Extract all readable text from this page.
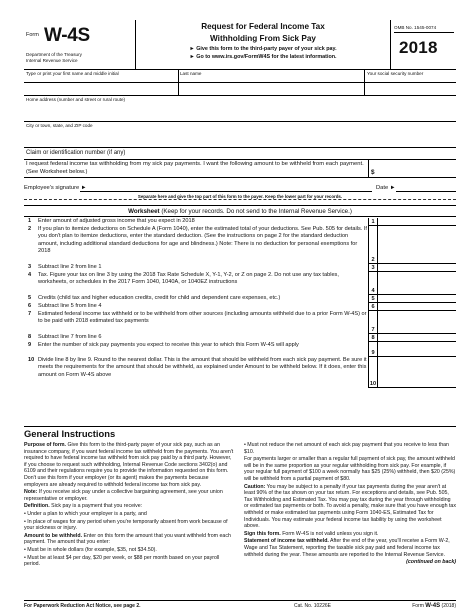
Form W-4S
Department of the Treasury
Internal Revenue Service
Request for Federal Income Tax
Withholding From Sick Pay
► Give this form to the third-party payer of your sick pay.
► Go to www.irs.gov/FormW4S for the latest information.
OMB No. 1545-0074
2018
Type or print your first name and middle initial	Last name	Your social security number
Home address (number and street or rural route)
City or town, state, and ZIP code
Claim or identification number (if any)
I request federal income tax withholding from my sick pay payments. I want the following amount to be withheld from each payment. (See Worksheet below.)	$
Employee's signature ►	Date ►
Separate here and give the top part of this form to the payer. Keep the lower part for your records.
Worksheet (Keep for your records. Do not send to the Internal Revenue Service.)
1 Enter amount of adjusted gross income that you expect in 2018	1
2 If you plan to itemize deductions on Schedule A (Form 1040), enter the estimated total of your deductions. See Pub. 505 for details. If you don't plan to itemize deductions, enter the standard deduction. (See the instructions on page 2 for the standard deduction amount, including additional standard deductions for age and blindness.) Note: There is no deduction for personal exemptions for 2018
2
3 Subtract line 2 from line 1	3
4 Tax. Figure your tax on line 3 by using the 2018 Tax Rate Schedule X, Y-1, Y-2, or Z on page 2. Do not use any tax tables, worksheets, or schedules in the 2017 Form 1040, 1040A, or 1040EZ instructions
4
5 Credits (child tax and higher education credits, credit for child and dependent care expenses, etc.)	5
6 Subtract line 5 from line 4	6
7 Estimated federal income tax withheld or to be withheld from other sources (including amounts withheld due to a prior Form W-4S) or to be paid with 2018 estimated tax payments
7
8 Subtract line 7 from line 6	8
9 Enter the number of sick pay payments you expect to receive this year to which this Form W-4S will apply
9
10 Divide line 8 by line 9. Round to the nearest dollar. This is the amount that should be withheld from each sick pay payment. Be sure it meets the requirements for the amount that should be withheld, as explained under Amount to be withheld below. If it does, enter this amount on Form W-4S above
10
General Instructions

Purpose of form. Give this form to the third-party payer of your sick pay, such as an insurance company, if you want federal income tax withheld from the payments. You aren't required to have federal income tax withheld from sick pay paid by a third party. However, if you choose to request such withholding, Internal Revenue Code sections 3402(o) and 6109 and their regulations require you to provide the information requested on this form. Don't use this form if your employer (or its agent) makes the payments because employers are already required to withhold federal income tax from sick pay.

Note: If you receive sick pay under a collective bargaining agreement, see your union representative or employer.

Definition. Sick pay is a payment that you receive:

• Under a plan to which your employer is a party, and

• In place of wages for any period when you're temporarily absent from work because of your sickness or injury.

Amount to be withheld. Enter on this form the amount that you want withheld from each payment. The amount that you enter:

• Must be in whole dollars (for example, $35, not $34.50).

• Must be at least $4 per day, $20 per week, or $88 per month based on your payroll period.

• Must not reduce the net amount of each sick pay payment that you receive to less than $10.

For payments larger or smaller than a regular full payment of sick pay, the amount withheld will be in the same proportion as your regular withholding from sick pay. For example, if your regular full payment of $100 a week normally has $25 (25%) withheld, then $20 (25%) will be withheld from a partial payment of $80.

Caution: You may be subject to a penalty if your tax payments during the year aren't at least 90% of the tax shown on your tax return. For exceptions and details, see Pub. 505, Tax Withholding and Estimated Tax. You may pay tax during the year through withholding or estimated tax payments or both. To avoid a penalty, make sure that you have enough tax withheld or make estimated tax payments using Form 1040-ES, Estimated Tax for Individuals. You may estimate your federal income tax liability by using the worksheet above.

Sign this form. Form W-4S is not valid unless you sign it.

Statement of income tax withheld. After the end of the year, you'll receive a Form W-2, Wage and Tax Statement, reporting the taxable sick pay paid and federal income tax withheld during the year. These amounts are reported to the Internal Revenue Service.

(continued on back)

For Paperwork Reduction Act Notice, see page 2.	Cat. No. 10226E	Form W-4S (2018)
